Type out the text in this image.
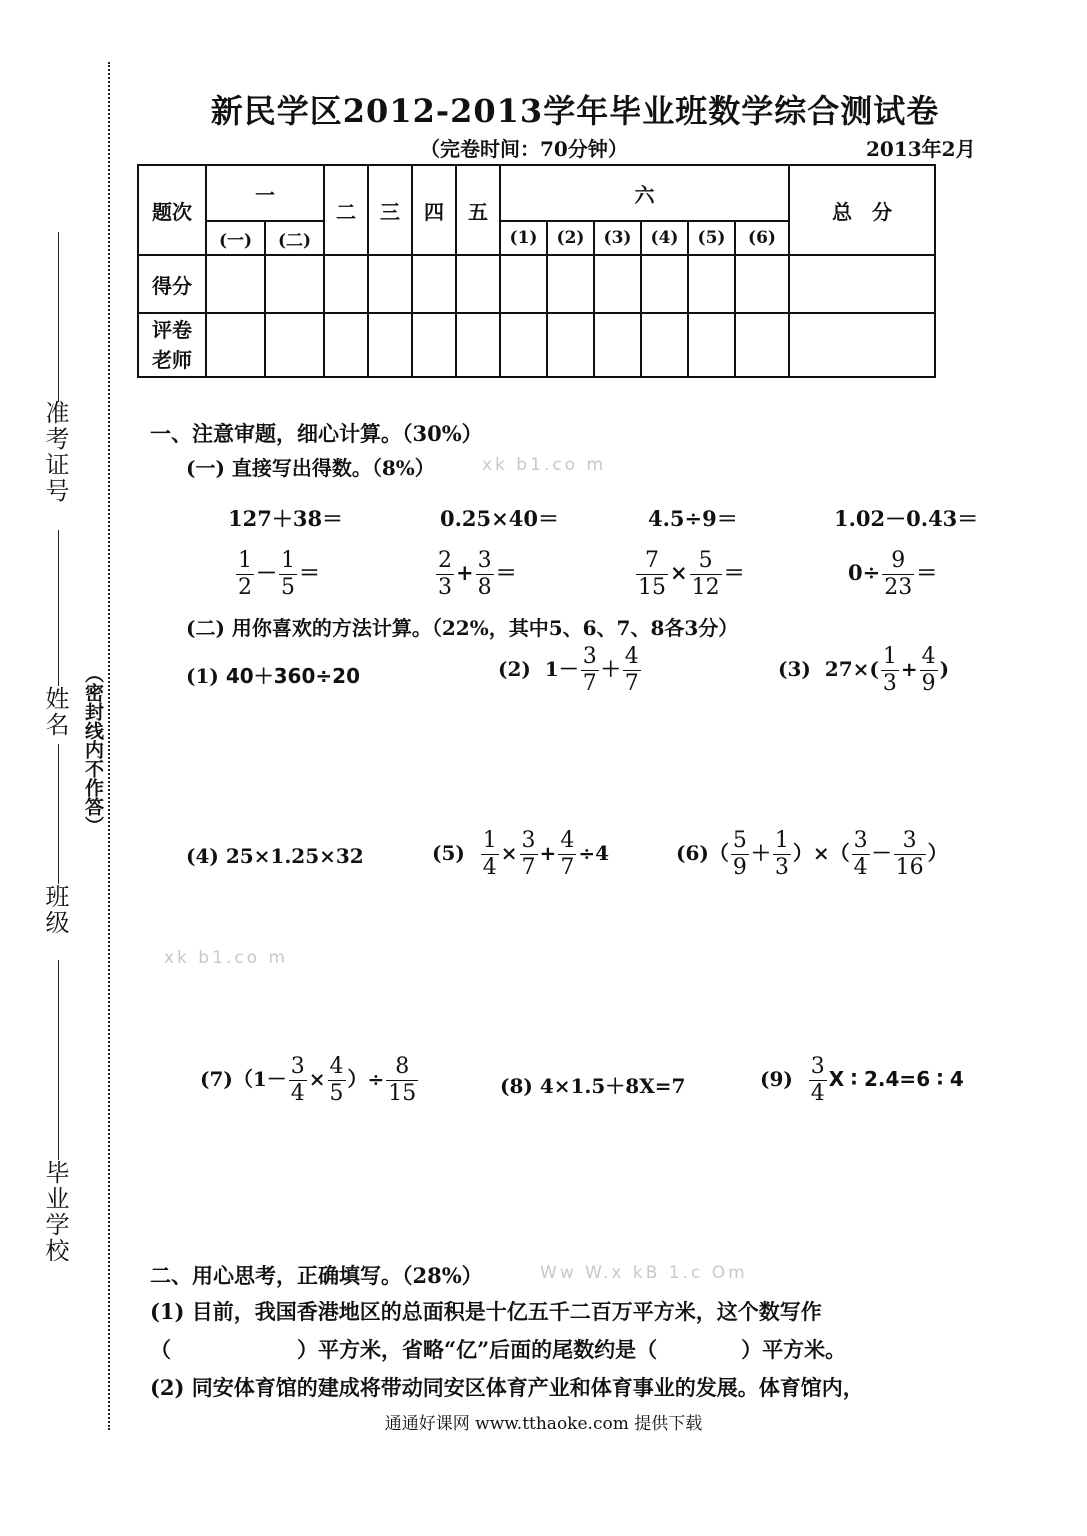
准考证号
姓名
班级
毕业学校
（密封线内不作答）
新民学区2012-2013学年毕业班数学综合测试卷
（完卷时间：70分钟）	2013年2月
题次	一		二	三	四	五	六						总　分
	(一)	(二)					(1)	(2)	(3)	(4)	(5)	(6)	
得分													
评卷
老师													
一、注意审题，细心计算。（30%）
(一) 直接写出得数。（8%）	xk b1.co m
127＋38＝	0.25×40＝	4.5÷9＝	1.02－0.43＝
$\frac{1}{2} - \frac{1}{5}$ ＝	$\frac{2}{3} + \frac{3}{8}$ ＝	$\frac{7}{15} \times \frac{5}{12}$ ＝	$0\div \frac{9}{23}$ ＝
(二) 用你喜欢的方法计算。（22%，其中5、6、7、8各3分）
(1) 40＋360÷20	(2) $1- \frac{3}{7} + \frac{4}{7}$	(3) $27\times( \frac{1}{3} + \frac{4}{9}$ )
(4) 25×1.25×32	$(5) \frac{1}{4} \times \frac{3}{7} + \frac{4}{7} \div 4$	$(6)( \frac{5}{9} + \frac{1}{3}$ ）×（ $\frac{3}{4} - \frac{3}{16}$ ）
xk b1.co m
$(7)(1- \frac{3}{4} \times \frac{4}{5}$ ）÷ $\frac{8}{15}$	(8) 4×1.5＋8X=7	$(9) \frac{3}{4}$ X ∶ 2.4=6 ∶ 4
二、用心思考，正确填写。（28%）	Ww W.x kB 1.c Om
(1) 目前，我国香港地区的总面积是十亿五千二百万平方米，这个数写作
（　　　　　　）平方米，省略“亿”后面的尾数约是（　　　　）平方米。
(2) 同安体育馆的建成将带动同安区体育产业和体育事业的发展。体育馆内，
通通好课网 www.tthaoke.com 提供下载
